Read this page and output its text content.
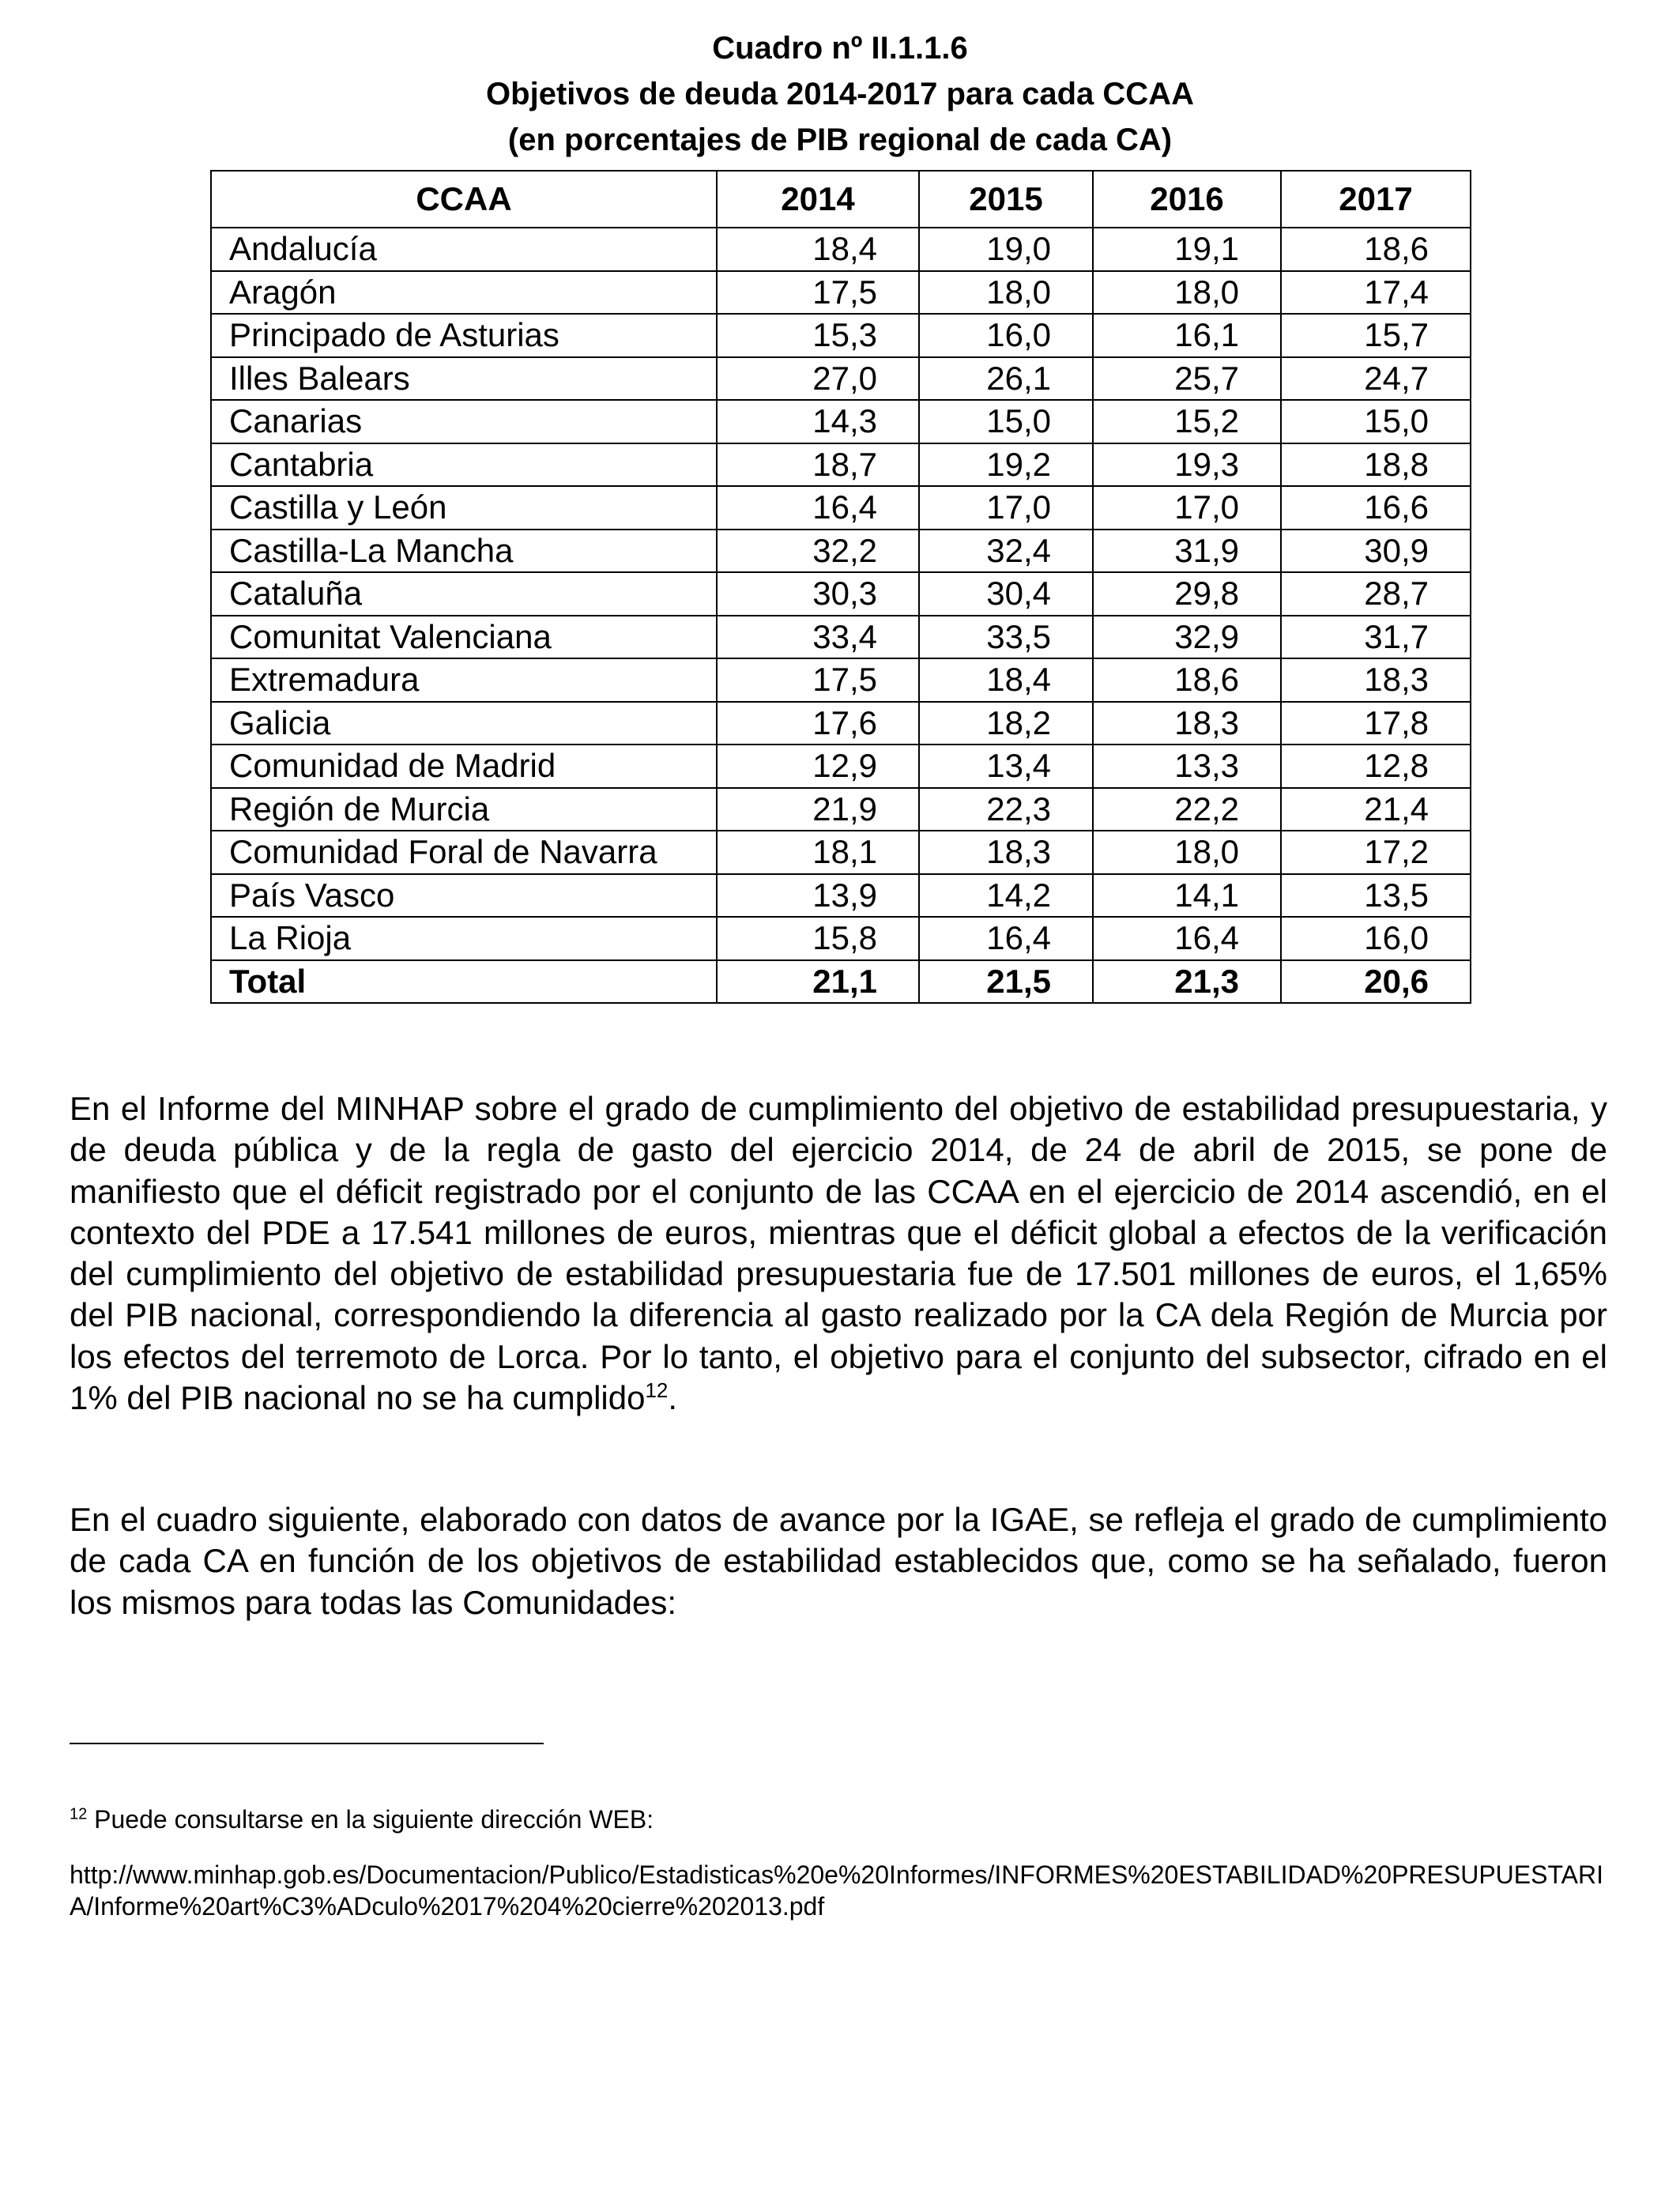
Cuadro nº II.1.1.6
Objetivos de deuda 2014-2017 para cada CCAA
(en porcentajes de PIB regional de cada CA)
CCAA	2014	2015	2016	2017
Andalucía	18,4	19,0	19,1	18,6
Aragón	17,5	18,0	18,0	17,4
Principado de Asturias	15,3	16,0	16,1	15,7
Illes Balears	27,0	26,1	25,7	24,7
Canarias	14,3	15,0	15,2	15,0
Cantabria	18,7	19,2	19,3	18,8
Castilla y León	16,4	17,0	17,0	16,6
Castilla-La Mancha	32,2	32,4	31,9	30,9
Cataluña	30,3	30,4	29,8	28,7
Comunitat Valenciana	33,4	33,5	32,9	31,7
Extremadura	17,5	18,4	18,6	18,3
Galicia	17,6	18,2	18,3	17,8
Comunidad de Madrid	12,9	13,4	13,3	12,8
Región de Murcia	21,9	22,3	22,2	21,4
Comunidad Foral de Navarra	18,1	18,3	18,0	17,2
País Vasco	13,9	14,2	14,1	13,5
La Rioja	15,8	16,4	16,4	16,0
Total	21,1	21,5	21,3	20,6
En el Informe del MINHAP sobre el grado de cumplimiento del objetivo de estabilidad presupuestaria, y de deuda pública y de la regla de gasto del ejercicio 2014, de 24 de abril de 2015, se pone de manifiesto que el déficit registrado por el conjunto de las CCAA en el ejercicio de 2014 ascendió, en el contexto del PDE a 17.541 millones de euros, mientras que el déficit global a efectos de la verificación del cumplimiento del objetivo de estabilidad presupuestaria fue de 17.501 millones de euros, el 1,65% del PIB nacional, correspondiendo la diferencia al gasto realizado por la CA dela Región de Murcia por los efectos del terremoto de Lorca. Por lo tanto, el objetivo para el conjunto del subsector, cifrado en el 1% del PIB nacional no se ha cumplido$^{12}$.
En el cuadro siguiente, elaborado con datos de avance por la IGAE, se refleja el grado de cumplimiento de cada CA en función de los objetivos de estabilidad establecidos que, como se ha señalado, fueron los mismos para todas las Comunidades:
$^{12}$ Puede consultarse en la siguiente dirección WEB:
http://www.minhap.gob.es/Documentacion/Publico/Estadisticas%20e%20Informes/INFORMES%20ESTABILIDAD%20PRESUPUESTARIA/Informe%20art%C3%ADculo%2017%204%20cierre%202013.pdf
